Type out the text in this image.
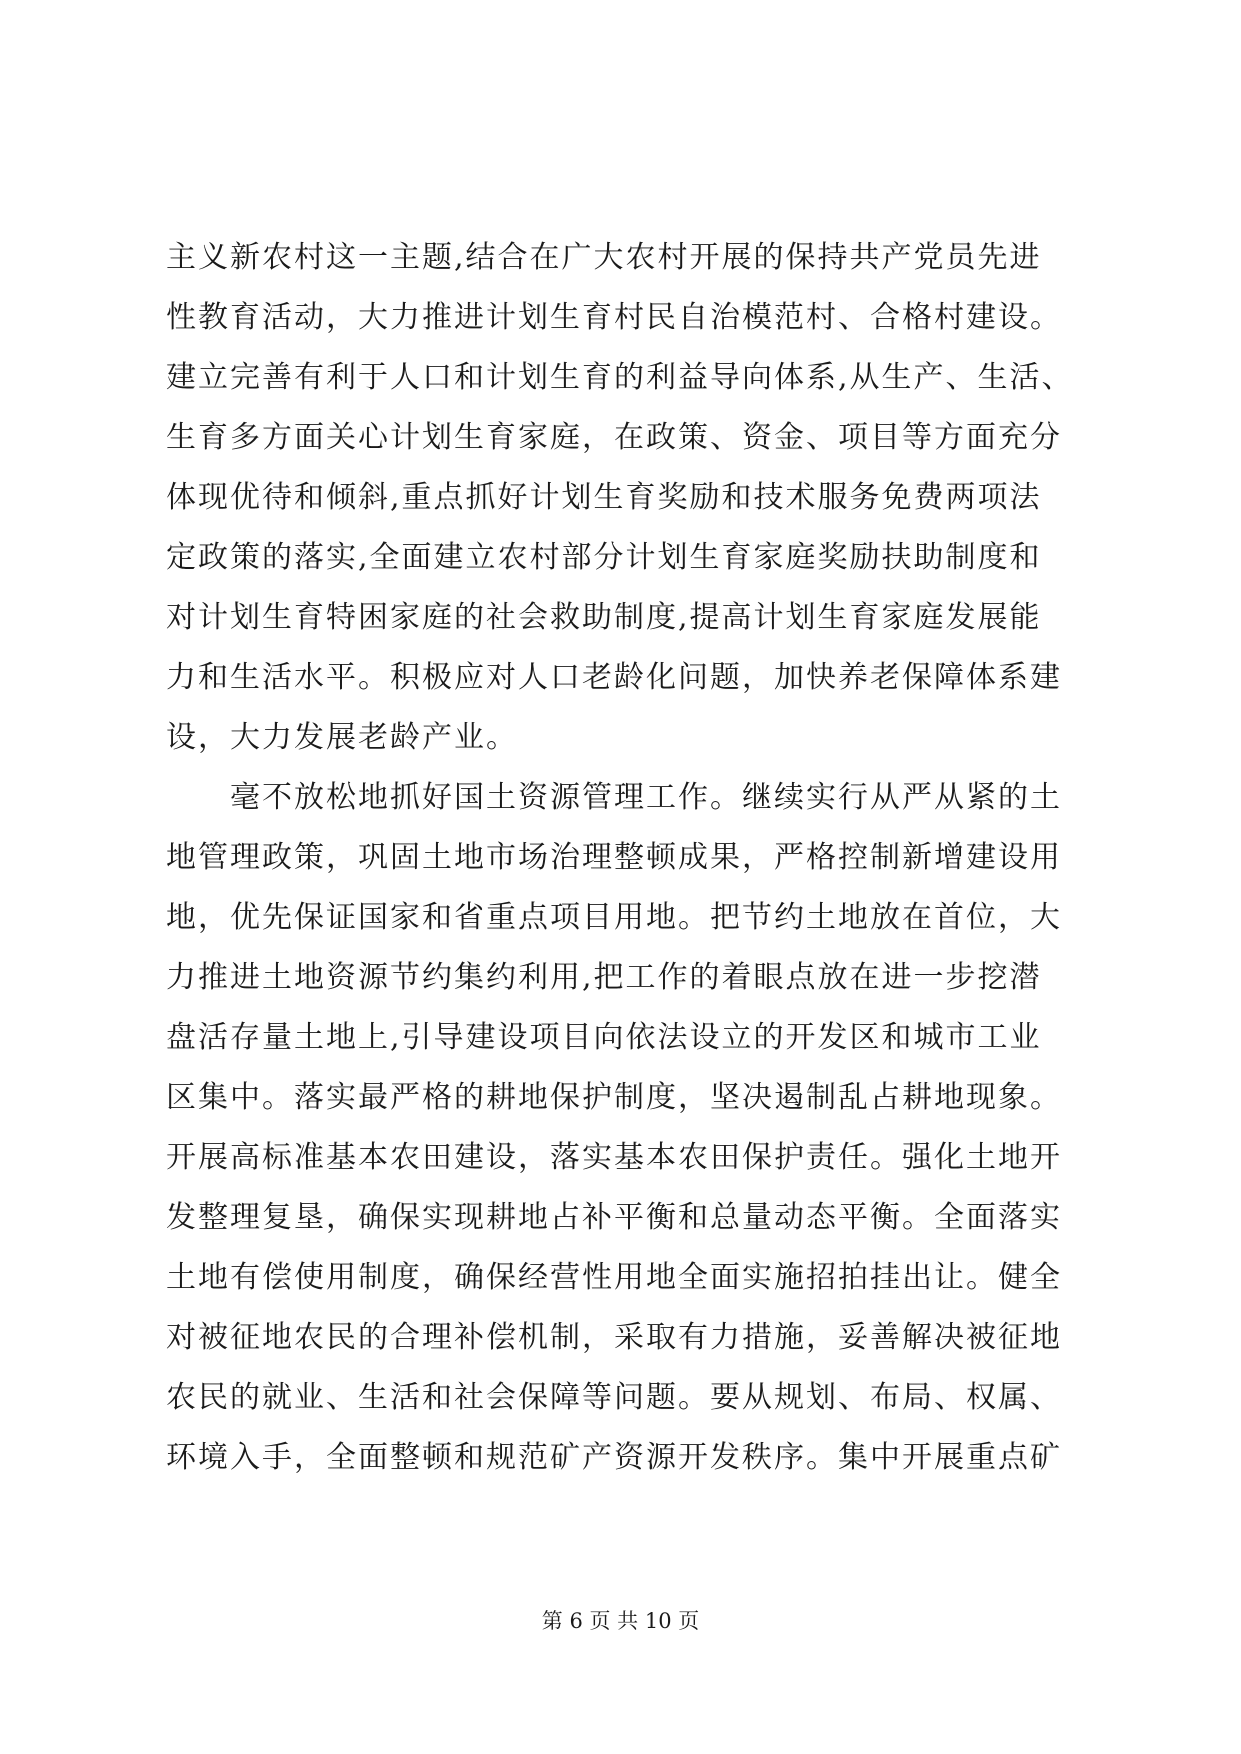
主义新农村这一主题,结合在广大农村开展的保持共产党员先进
性教育活动，大力推进计划生育村民自治模范村、合格村建设。
建立完善有利于人口和计划生育的利益导向体系,从生产、生活、
生育多方面关心计划生育家庭，在政策、资金、项目等方面充分
体现优待和倾斜,重点抓好计划生育奖励和技术服务免费两项法
定政策的落实,全面建立农村部分计划生育家庭奖励扶助制度和
对计划生育特困家庭的社会救助制度,提高计划生育家庭发展能
力和生活水平。积极应对人口老龄化问题，加快养老保障体系建
设，大力发展老龄产业。
毫不放松地抓好国土资源管理工作。继续实行从严从紧的土
地管理政策，巩固土地市场治理整顿成果，严格控制新增建设用
地，优先保证国家和省重点项目用地。把节约土地放在首位，大
力推进土地资源节约集约利用,把工作的着眼点放在进一步挖潜
盘活存量土地上,引导建设项目向依法设立的开发区和城市工业
区集中。落实最严格的耕地保护制度，坚决遏制乱占耕地现象。
开展高标准基本农田建设，落实基本农田保护责任。强化土地开
发整理复垦，确保实现耕地占补平衡和总量动态平衡。全面落实
土地有偿使用制度，确保经营性用地全面实施招拍挂出让。健全
对被征地农民的合理补偿机制，采取有力措施，妥善解决被征地
农民的就业、生活和社会保障等问题。要从规划、布局、权属、
环境入手，全面整顿和规范矿产资源开发秩序。集中开展重点矿
第 6 页 共 10 页
